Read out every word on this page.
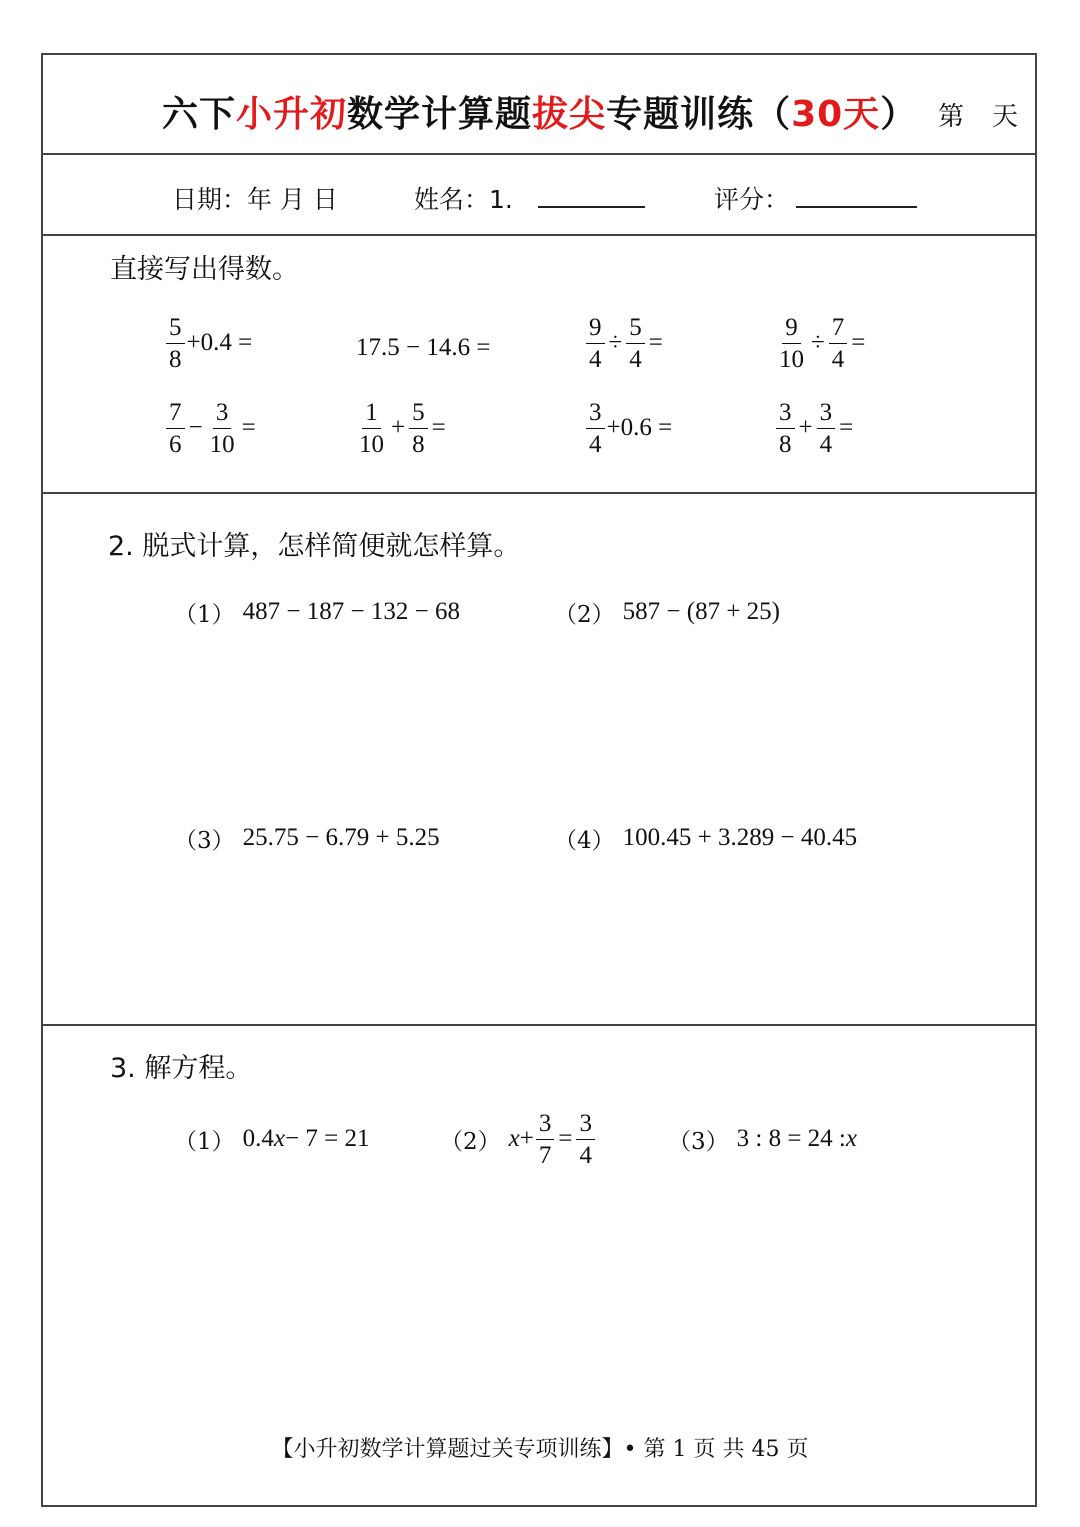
六下小升初数学计算题拔尖专题训练（30天） 第 天
日期：年 月 日	姓名：1.	评分：
直接写出得数。
$\frac{5}{8} +0.4$ =	17.5 − 14.6 =	$\frac{9}{4} \div \frac{5}{4}$ =	$\frac{9}{10} \div \frac{7}{4}$ =
$\frac{7}{6} - \frac{3}{10}$ =	$\frac{1}{10} + \frac{5}{8}$ =	$\frac{3}{4} +0.6$ =	$\frac{3}{8} + \frac{3}{4}$ =
2. 脱式计算，怎样简便就怎样算。
（1） 487 − 187 − 132 − 68	（2） 587 − (87 + 25)
（3） 25.75 − 6.79 + 5.25	（4） 100.45 + 3.289 − 40.45
3. 解方程。
（1） 0.4 x − 7 = 21	（2） $x + \frac{3}{7} = \frac{3}{4}$	（3） 3 : 8 = 24 : x
【小升初数学计算题过关专项训练】• 第 1 页 共 45 页
